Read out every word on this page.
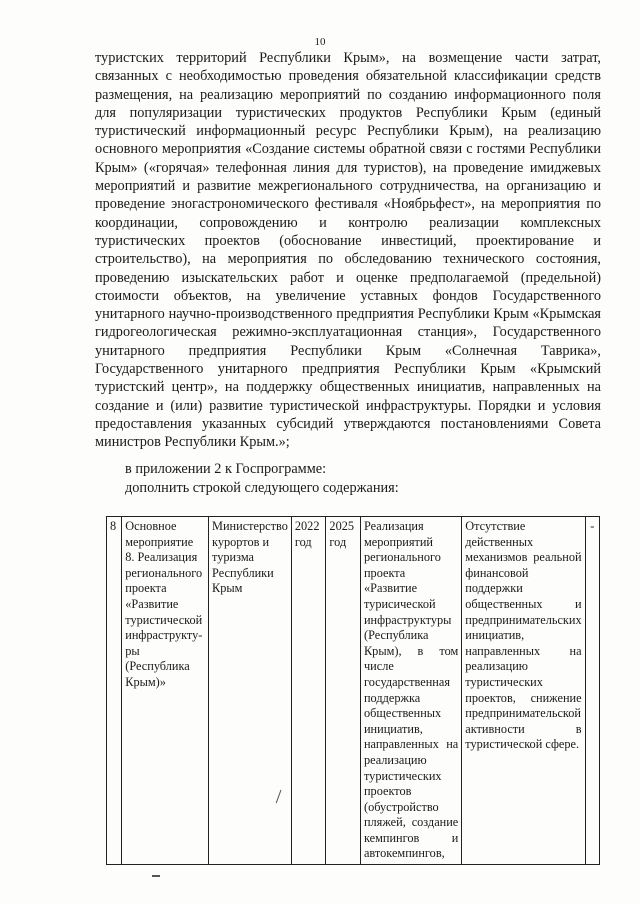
10
туристских территорий Республики Крым», на возмещение части затрат, связанных с необходимостью проведения обязательной классификации средств размещения, на реализацию мероприятий по созданию информационного поля для популяризации туристических продуктов Республики Крым (единый туристический информационный ресурс Республики Крым), на реализацию основного мероприятия «Создание системы обратной связи с гостями Республики Крым» («горячая» телефонная линия для туристов), на проведение имиджевых мероприятий и развитие межрегионального сотрудничества, на организацию и проведение эногастрономического фестиваля «Ноябрьфест», на мероприятия по координации, сопровождению и контролю реализации комплексных туристических проектов (обоснование инвестиций, проектирование и строительство), на мероприятия по обследованию технического состояния, проведению изыскательских работ и оценке предполагаемой (предельной) стоимости объектов, на увеличение уставных фондов Государственного унитарного научно-производственного предприятия Республики Крым «Крымская гидрогеологическая режимно-эксплуатационная станция», Государственного унитарного предприятия Республики Крым «Солнечная Таврика», Государственного унитарного предприятия Республики Крым «Крымский туристский центр», на поддержку общественных инициатив, направленных на создание и (или) развитие туристической инфраструктуры. Порядки и условия предоставления указанных субсидий утверждаются постановлениями Совета министров Республики Крым.»;
в приложении 2 к Госпрограмме:
дополнить строкой следующего содержания:
8	Основное мероприятие 8. Реализация регионального проекта «Развитие туристической инфраструкту-ры (Республика Крым)»	Министерство курортов и туризма Республики Крым	2022 год	2025 год	Реализация мероприятий регионального проекта «Развитие турисической инфраструктуры (Республика Крым), в том числе государственная поддержка общественных инициатив, направленных на реализацию туристических проектов (обустройство пляжей, создание кемпингов и автокемпингов,	Отсутствие действенных механизмов реальной финансовой поддержки общественных и предпринимательских инициатив, направленных на реализацию туристических проектов, снижение предпринимательской активности в туристической сфере.	-
